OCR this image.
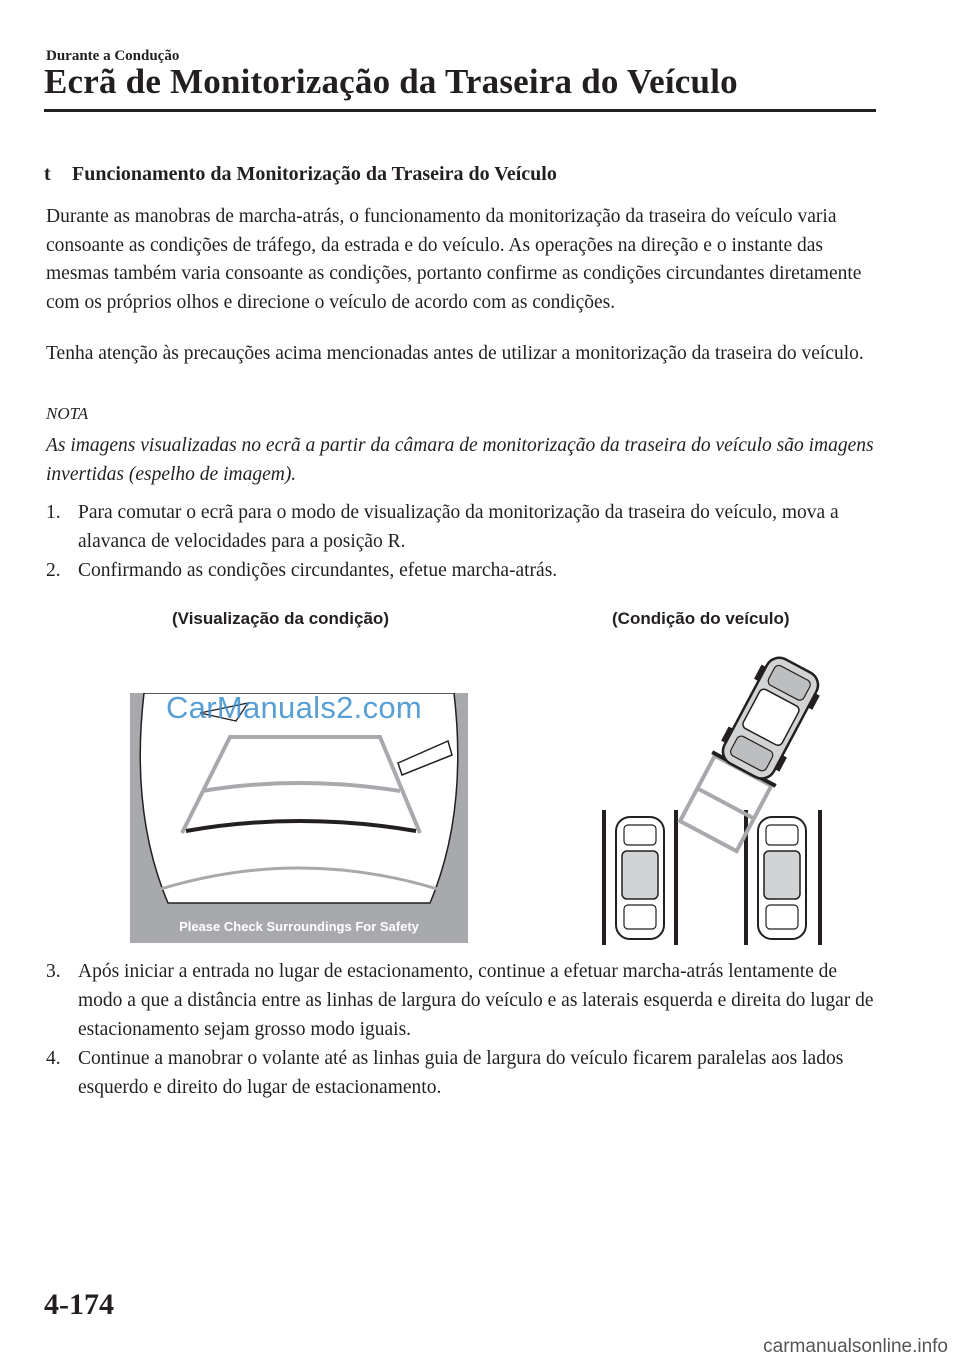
Durante a Condução
Ecrã de Monitorização da Traseira do Veículo
t Funcionamento da Monitorização da Traseira do Veículo

Durante as manobras de marcha-atrás, o funcionamento da monitorização da traseira do veículo varia consoante as condições de tráfego, da estrada e do veículo. As operações na direção e o instante das mesmas também varia consoante as condições, portanto confirme as condições circundantes diretamente com os próprios olhos e direcione o veículo de acordo com as condições.

Tenha atenção às precauções acima mencionadas antes de utilizar a monitorização da traseira do veículo.

NOTA

As imagens visualizadas no ecrã a partir da câmara de monitorização da traseira do veículo são imagens invertidas (espelho de imagem).

1. Para comutar o ecrã para o modo de visualização da monitorização da traseira do veículo, mova a alavanca de velocidades para a posição R.
2. Confirmando as condições circundantes, efetue marcha-atrás.
(Visualização da condição)	(Condição do veículo)
Please Check Surroundings For Safety
CarManuals2.com
3. Após iniciar a entrada no lugar de estacionamento, continue a efetuar marcha-atrás lentamente de modo a que a distância entre as linhas de largura do veículo e as laterais esquerda e direita do lugar de estacionamento sejam grosso modo iguais.
4. Continue a manobrar o volante até as linhas guia de largura do veículo ficarem paralelas aos lados esquerdo e direito do lugar de estacionamento.
4-174
carmanualsonline.info
